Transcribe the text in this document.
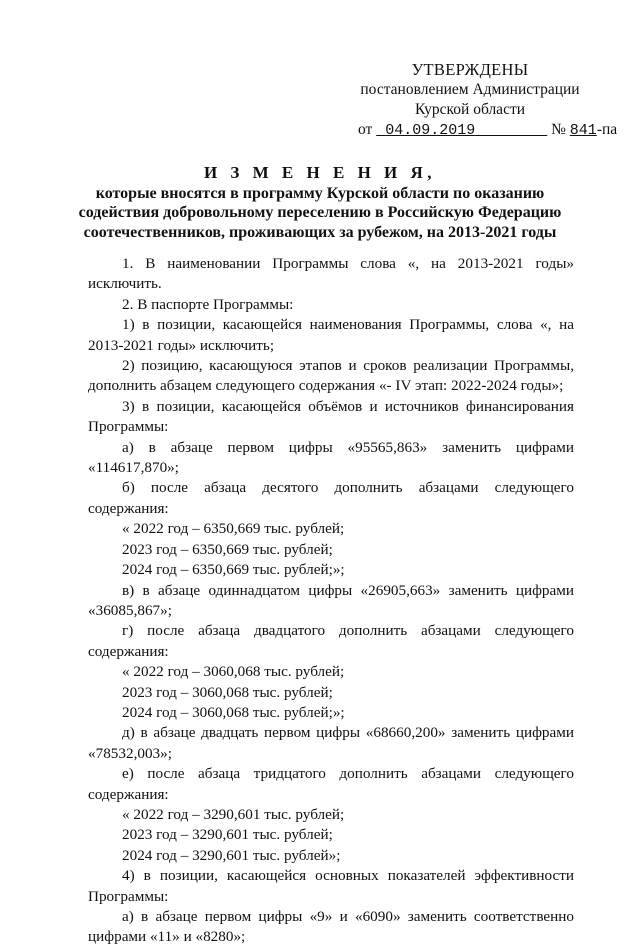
УТВЕРЖДЕНЫ
постановлением Администрации
Курской области
от 04.09.2019	№ 841-па
И З М Е Н Е Н И Я,
которые вносятся в программу Курской области по оказанию
содействия добровольному переселению в Российскую Федерацию
соотечественников, проживающих за рубежом, на 2013-2021 годы

1. В наименовании Программы слова «, на 2013-2021 годы» исключить.

2. В паспорте Программы:

1) в позиции, касающейся наименования Программы, слова «, на 2013-2021 годы» исключить;

2) позицию, касающуюся этапов и сроков реализации Программы, дополнить абзацем следующего содержания «- IV этап: 2022-2024 годы»;

3) в позиции, касающейся объёмов и источников финансирования Программы:

а) в абзаце первом цифры «95565,863» заменить цифрами «114617,870»;

б) после абзаца десятого дополнить абзацами следующего содержания:

« 2022 год – 6350,669 тыс. рублей;

2023 год – 6350,669 тыс. рублей;

2024 год – 6350,669 тыс. рублей;»;

в) в абзаце одиннадцатом цифры «26905,663» заменить цифрами «36085,867»;

г) после абзаца двадцатого дополнить абзацами следующего содержания:

« 2022 год – 3060,068 тыс. рублей;

2023 год – 3060,068 тыс. рублей;

2024 год – 3060,068 тыс. рублей;»;

д) в абзаце двадцать первом цифры «68660,200» заменить цифрами «78532,003»;

е) после абзаца тридцатого дополнить абзацами следующего содержания:

« 2022 год – 3290,601 тыс. рублей;

2023 год – 3290,601 тыс. рублей;

2024 год – 3290,601 тыс. рублей»;

4) в позиции, касающейся основных показателей эффективности Программы:

а) в абзаце первом цифры «9» и «6090» заменить соответственно цифрами «11» и «8280»;
